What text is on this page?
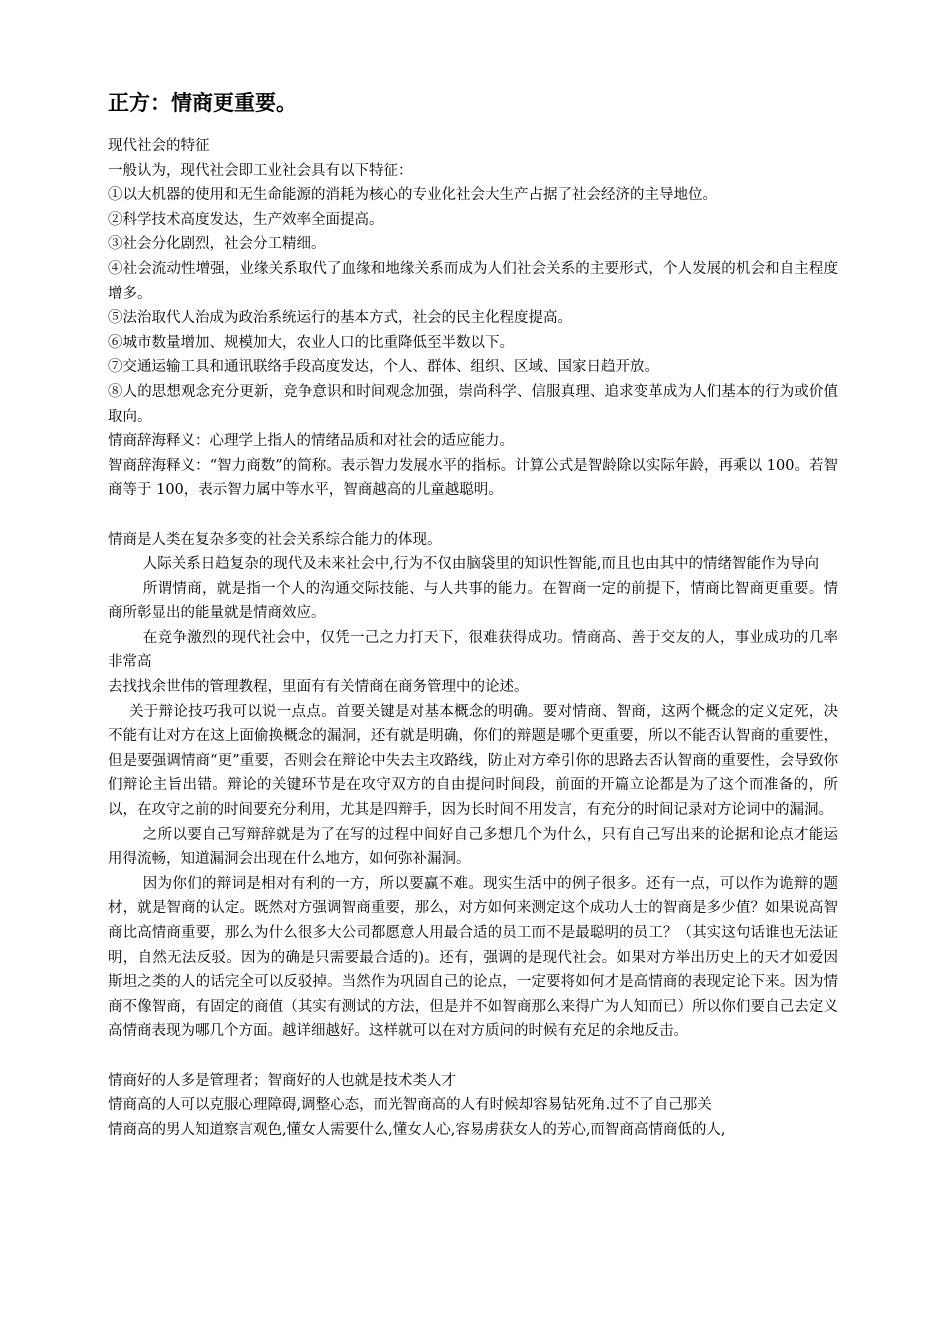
正方：情商更重要。

现代社会的特征

一般认为，现代社会即工业社会具有以下特征：

①以大机器的使用和无生命能源的消耗为核心的专业化社会大生产占据了社会经济的主导地位。

②科学技术高度发达，生产效率全面提高。

③社会分化剧烈，社会分工精细。

④社会流动性增强，业缘关系取代了血缘和地缘关系而成为人们社会关系的主要形式，个人发展的机会和自主程度增多。

⑤法治取代人治成为政治系统运行的基本方式，社会的民主化程度提高。

⑥城市数量增加、规模加大，农业人口的比重降低至半数以下。

⑦交通运输工具和通讯联络手段高度发达，个人、群体、组织、区域、国家日趋开放。

⑧人的思想观念充分更新，竞争意识和时间观念加强，崇尚科学、信服真理、追求变革成为人们基本的行为或价值取向。

情商辞海释义：心理学上指人的情绪品质和对社会的适应能力。

智商辞海释义：“智力商数”的简称。表示智力发展水平的指标。计算公式是智龄除以实际年龄，再乘以 100。若智商等于 100，表示智力属中等水平，智商越高的儿童越聪明。

情商是人类在复杂多变的社会关系综合能力的体现。

人际关系日趋复杂的现代及未来社会中,行为不仅由脑袋里的知识性智能,而且也由其中的情绪智能作为导向

所谓情商，就是指一个人的沟通交际技能、与人共事的能力。在智商一定的前提下，情商比智商更重要。情商所彰显出的能量就是情商效应。

在竞争激烈的现代社会中，仅凭一己之力打天下，很难获得成功。情商高、善于交友的人，事业成功的几率非常高

去找找余世伟的管理教程，里面有有关情商在商务管理中的论述。

关于辩论技巧我可以说一点点。首要关键是对基本概念的明确。要对情商、智商，这两个概念的定义定死，决不能有让对方在这上面偷换概念的漏洞，还有就是明确，你们的辩题是哪个更重要，所以不能否认智商的重要性，但是要强调情商“更”重要，否则会在辩论中失去主攻路线，防止对方牵引你的思路去否认智商的重要性，会导致你们辩论主旨出错。辩论的关键环节是在攻守双方的自由提问时间段，前面的开篇立论都是为了这个而准备的，所以，在攻守之前的时间要充分利用，尤其是四辩手，因为长时间不用发言，有充分的时间记录对方论词中的漏洞。

之所以要自己写辩辞就是为了在写的过程中间好自己多想几个为什么，只有自己写出来的论据和论点才能运用得流畅，知道漏洞会出现在什么地方，如何弥补漏洞。

因为你们的辩词是相对有利的一方，所以要赢不难。现实生活中的例子很多。还有一点，可以作为诡辩的题材，就是智商的认定。既然对方强调智商重要，那么，对方如何来测定这个成功人士的智商是多少值？如果说高智商比高情商重要，那么为什么很多大公司都愿意人用最合适的员工而不是最聪明的员工？（其实这句话谁也无法证明，自然无法反驳。因为的确是只需要最合适的)。还有，强调的是现代社会。如果对方举出历史上的天才如爱因斯坦之类的人的话完全可以反驳掉。当然作为巩固自己的论点，一定要将如何才是高情商的表现定论下来。因为情商不像智商，有固定的商值（其实有测试的方法，但是并不如智商那么来得广为人知而已）所以你们要自己去定义高情商表现为哪几个方面。越详细越好。这样就可以在对方质问的时候有充足的余地反击。

情商好的人多是管理者；智商好的人也就是技术类人才

情商高的人可以克服心理障碍,调整心态，而光智商高的人有时候却容易钻死角.过不了自己那关

情商高的男人知道察言观色,懂女人需要什么,懂女人心,容易虏获女人的芳心,而智商高情商低的人,
